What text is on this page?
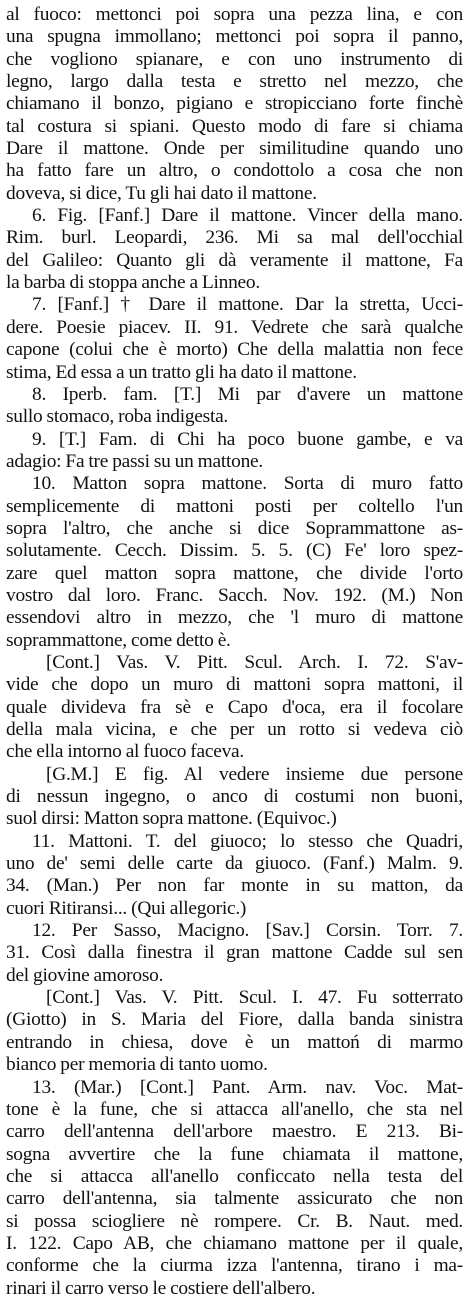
al fuoco: mettonci poi sopra una pezza lina, e con
una spugna immollano; mettonci poi sopra il panno,
che vogliono spianare, e con uno instrumento di
legno, largo dalla testa e stretto nel mezzo, che
chiamano il bonzo, pigiano e stropicciano forte finchè
tal costura si spiani. Questo modo di fare si chiama
Dare il mattone. Onde per similitudine quando uno
ha fatto fare un altro, o condottolo a cosa che non
doveva, si dice, Tu gli hai dato il mattone.
6. Fig. [Fanf.] Dare il mattone. Vincer della mano.
Rim. burl. Leopardi, 236. Mi sa mal dell'occhial
del Galileo: Quanto gli dà veramente il mattone, Fa
la barba di stoppa anche a Linneo.
7. [Fanf.] † Dare il mattone. Dar la stretta, Ucci-
dere. Poesie piacev. II. 91. Vedrete che sarà qualche
capone (colui che è morto) Che della malattia non fece
stima, Ed essa a un tratto gli ha dato il mattone.
8. Iperb. fam. [T.] Mi par d'avere un mattone
sullo stomaco, roba indigesta.
9. [T.] Fam. di Chi ha poco buone gambe, e va
adagio: Fa tre passi su un mattone.
10. Matton sopra mattone. Sorta di muro fatto
semplicemente di mattoni posti per coltello l'un
sopra l'altro, che anche si dice Soprammattone as-
solutamente. Cecch. Dissim. 5. 5. (C) Fe' loro spez-
zare quel matton sopra mattone, che divide l'orto
vostro dal loro. Franc. Sacch. Nov. 192. (M.) Non
essendovi altro in mezzo, che 'l muro di mattone
soprammattone, come detto è.
[Cont.] Vas. V. Pitt. Scul. Arch. I. 72. S'av-
vide che dopo un muro di mattoni sopra mattoni, il
quale divideva fra sè e Capo d'oca, era il focolare
della mala vicina, e che per un rotto si vedeva ciò
che ella intorno al fuoco faceva.
[G.M.] E fig. Al vedere insieme due persone
di nessun ingegno, o anco di costumi non buoni,
suol dirsi: Matton sopra mattone. (Equivoc.)
11. Mattoni. T. del giuoco; lo stesso che Quadri,
uno de' semi delle carte da giuoco. (Fanf.) Malm. 9.
34. (Man.) Per non far monte in su matton, da
cuori Ritiransi... (Qui allegoric.)
12. Per Sasso, Macigno. [Sav.] Corsin. Torr. 7.
31. Così dalla finestra il gran mattone Cadde sul sen
del giovine amoroso.
[Cont.] Vas. V. Pitt. Scul. I. 47. Fu sotterrato
(Giotto) in S. Maria del Fiore, dalla banda sinistra
entrando in chiesa, dove è un mattoń di marmo
bianco per memoria di tanto uomo.
13. (Mar.) [Cont.] Pant. Arm. nav. Voc. Mat-
tone è la fune, che si attacca all'anello, che sta nel
carro dell'antenna dell'arbore maestro. E 213. Bi-
sogna avvertire che la fune chiamata il mattone,
che si attacca all'anello conficcato nella testa del
carro dell'antenna, sia talmente assicurato che non
si possa sciogliere nè rompere. Cr. B. Naut. med.
I. 122. Capo AB, che chiamano mattone per il quale,
conforme che la ciurma izza l'antenna, tirano i ma-
rinari il carro verso le costiere dell'albero.
